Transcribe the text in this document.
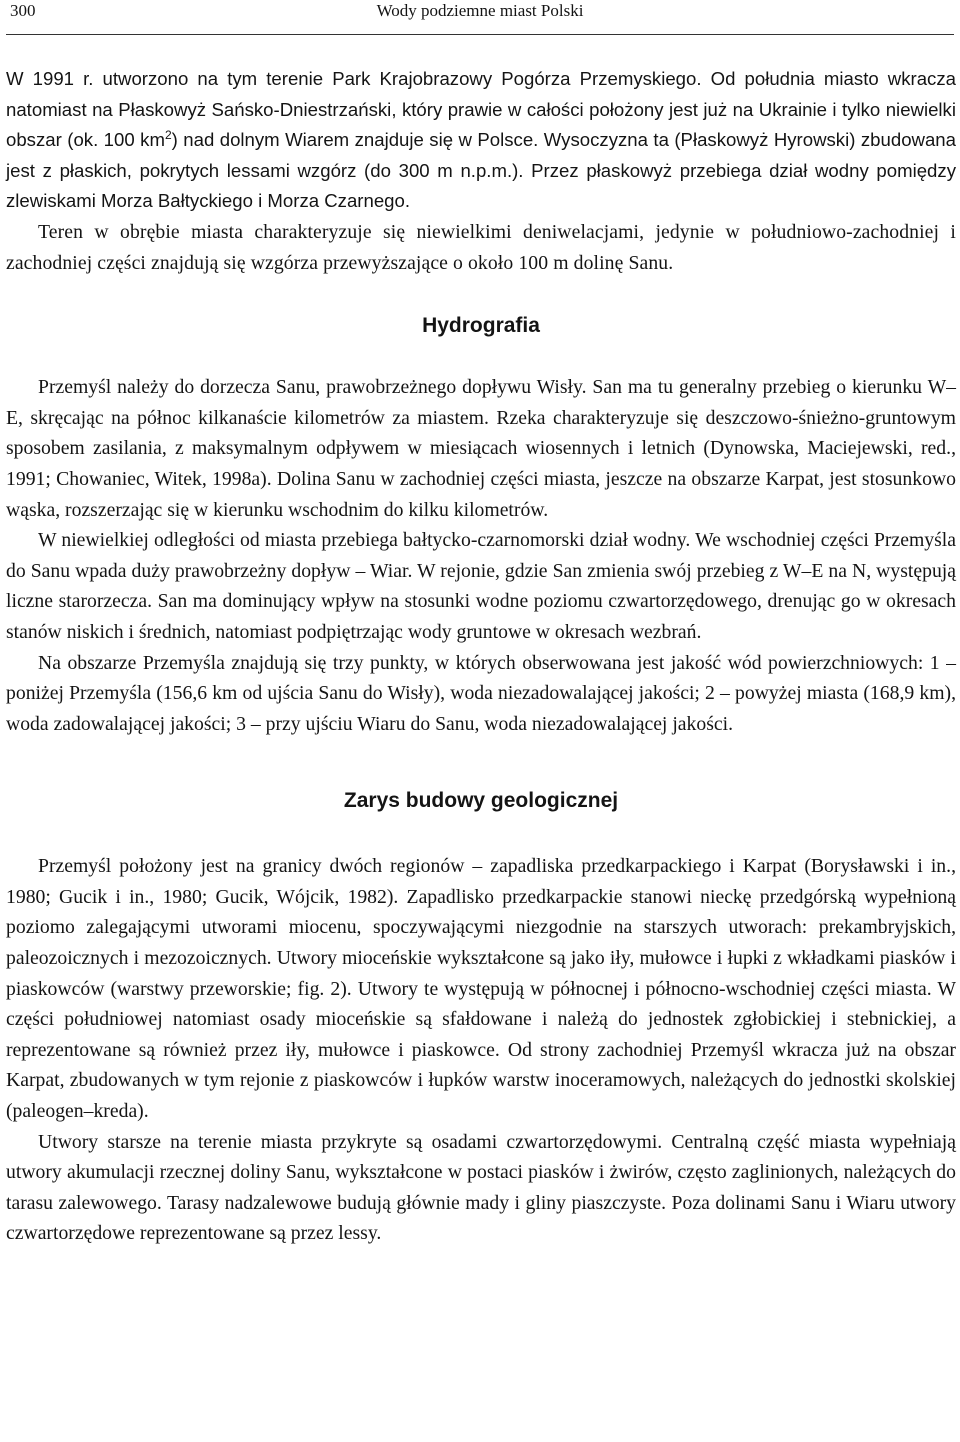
300	Wody podziemne miast Polski

W 1991 r. utworzono na tym terenie Park Krajobrazowy Pogórza Przemyskiego. Od południa miasto wkracza natomiast na Płaskowyż Sańsko-Dniestrzański, który prawie w całości położony jest już na Ukrainie i tylko niewielki obszar (ok. 100 $km^2$) nad dolnym Wiarem znajduje się w Polsce. Wysoczyzna ta (Płaskowyż Hyrowski) zbudowana jest z płaskich, pokrytych lessami wzgórz (do 300 m n.p.m.). Przez płaskowyż przebiega dział wodny pomiędzy zlewiskami Morza Bałtyckiego i Morza Czarnego.

Teren w obrębie miasta charakteryzuje się niewielkimi deniwelacjami, jedynie w południowo-zachodniej i zachodniej części znajdują się wzgórza przewyższające o około 100 m dolinę Sanu.

Hydrografia

Przemyśl należy do dorzecza Sanu, prawobrzeżnego dopływu Wisły. San ma tu generalny przebieg o kierunku W–E, skręcając na północ kilkanaście kilometrów za miastem. Rzeka charakteryzuje się deszczowo-śnieżno-gruntowym sposobem zasilania, z maksymalnym odpływem w miesiącach wiosennych i letnich (Dynowska, Maciejewski, red., 1991; Chowaniec, Witek, 1998a). Dolina Sanu w zachodniej części miasta, jeszcze na obszarze Karpat, jest stosunkowo wąska, rozszerzając się w kierunku wschodnim do kilku kilometrów.

W niewielkiej odległości od miasta przebiega bałtycko-czarnomorski dział wodny. We wschodniej części Przemyśla do Sanu wpada duży prawobrzeżny dopływ – Wiar. W rejonie, gdzie San zmienia swój przebieg z W–E na N, występują liczne starorzecza. San ma dominujący wpływ na stosunki wodne poziomu czwartorzędowego, drenując go w okresach stanów niskich i średnich, natomiast podpiętrzając wody gruntowe w okresach wezbrań.

Na obszarze Przemyśla znajdują się trzy punkty, w których obserwowana jest jakość wód powierzchniowych: 1 – poniżej Przemyśla (156,6 km od ujścia Sanu do Wisły), woda niezadowalającej jakości; 2 – powyżej miasta (168,9 km), woda zadowalającej jakości; 3 – przy ujściu Wiaru do Sanu, woda niezadowalającej jakości.

Zarys budowy geologicznej

Przemyśl położony jest na granicy dwóch regionów – zapadliska przedkarpackiego i Karpat (Borysławski i in., 1980; Gucik i in., 1980; Gucik, Wójcik, 1982). Zapadlisko przedkarpackie stanowi nieckę przedgórską wypełnioną poziomo zalegającymi utworami miocenu, spoczywającymi niezgodnie na starszych utworach: prekambryjskich, paleozoicznych i mezozoicznych. Utwory mioceńskie wykształcone są jako iły, mułowce i łupki z wkładkami piasków i piaskowców (warstwy przeworskie; fig. 2). Utwory te występują w północnej i północno-wschodniej części miasta. W części południowej natomiast osady mioceńskie są sfałdowane i należą do jednostek zgłobickiej i stebnickiej, a reprezentowane są również przez iły, mułowce i piaskowce. Od strony zachodniej Przemyśl wkracza już na obszar Karpat, zbudowanych w tym rejonie z piaskowców i łupków warstw inoceramowych, należących do jednostki skolskiej (paleogen–kreda).

Utwory starsze na terenie miasta przykryte są osadami czwartorzędowymi. Centralną część miasta wypełniają utwory akumulacji rzecznej doliny Sanu, wykształcone w postaci piasków i żwirów, często zaglinionych, należących do tarasu zalewowego. Tarasy nadzalewowe budują głównie mady i gliny piaszczyste. Poza dolinami Sanu i Wiaru utwory czwartorzędowe reprezentowane są przez lessy.
